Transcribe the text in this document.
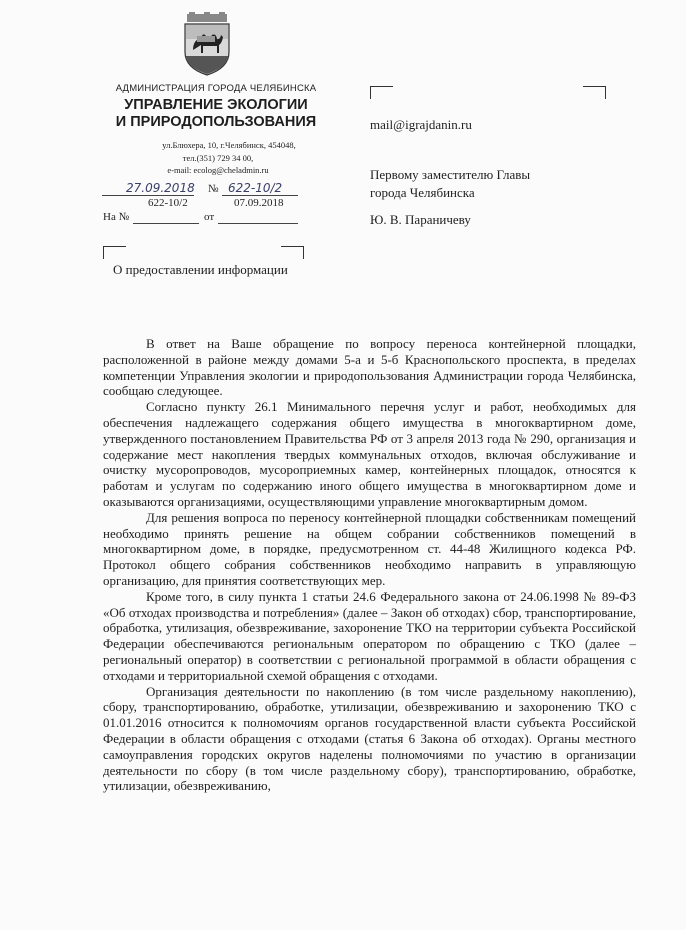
АДМИНИСТРАЦИЯ ГОРОДА ЧЕЛЯБИНСКА
УПРАВЛЕНИЕ ЭКОЛОГИИ
И ПРИРОДОПОЛЬЗОВАНИЯ
ул.Блюхера, 10, г.Челябинск, 454048,
тел.(351) 729 34 00,
e-mail: ecolog@cheladmin.ru
27.09.2018 № 622-10/2
622-10/2	07.09.2018
На №	от
mail@igrajdanin.ru
Первому заместителю Главы
города Челябинска
Ю. В. Параничеву
О предоставлении информации

В ответ на Ваше обращение по вопросу переноса контейнерной площадки, расположенной в районе между домами 5-а и 5-б Краснопольского проспекта, в пределах компетенции Управления экологии и природопользования Администрации города Челябинска, сообщаю следующее.

Согласно пункту 26.1 Минимального перечня услуг и работ, необходимых для обеспечения надлежащего содержания общего имущества в многоквартирном доме, утвержденного постановлением Правительства РФ от 3 апреля 2013 года № 290, организация и содержание мест накопления твердых коммунальных отходов, включая обслуживание и очистку мусоропроводов, мусороприемных камер, контейнерных площадок, относятся к работам и услугам по содержанию иного общего имущества в многоквартирном доме и оказываются организациями, осуществляющими управление многоквартирным домом.

Для решения вопроса по переносу контейнерной площадки собственникам помещений необходимо принять решение на общем собрании собственников помещений в многоквартирном доме, в порядке, предусмотренном ст. 44-48 Жилищного кодекса РФ. Протокол общего собрания собственников необходимо направить в управляющую организацию, для принятия соответствующих мер.

Кроме того, в силу пункта 1 статьи 24.6 Федерального закона от 24.06.1998 № 89-ФЗ «Об отходах производства и потребления» (далее – Закон об отходах) сбор, транспортирование, обработка, утилизация, обезвреживание, захоронение ТКО на территории субъекта Российской Федерации обеспечиваются региональным оператором по обращению с ТКО (далее – региональный оператор) в соответствии с региональной программой в области обращения с отходами и территориальной схемой обращения с отходами.

Организация деятельности по накоплению (в том числе раздельному накоплению), сбору, транспортированию, обработке, утилизации, обезвреживанию и захоронению ТКО с 01.01.2016 относится к полномочиям органов государственной власти субъекта Российской Федерации в области обращения с отходами (статья 6 Закона об отходах). Органы местного самоуправления городских округов наделены полномочиями по участию в организации деятельности по сбору (в том числе раздельному сбору), транспортированию, обработке, утилизации, обезвреживанию,
